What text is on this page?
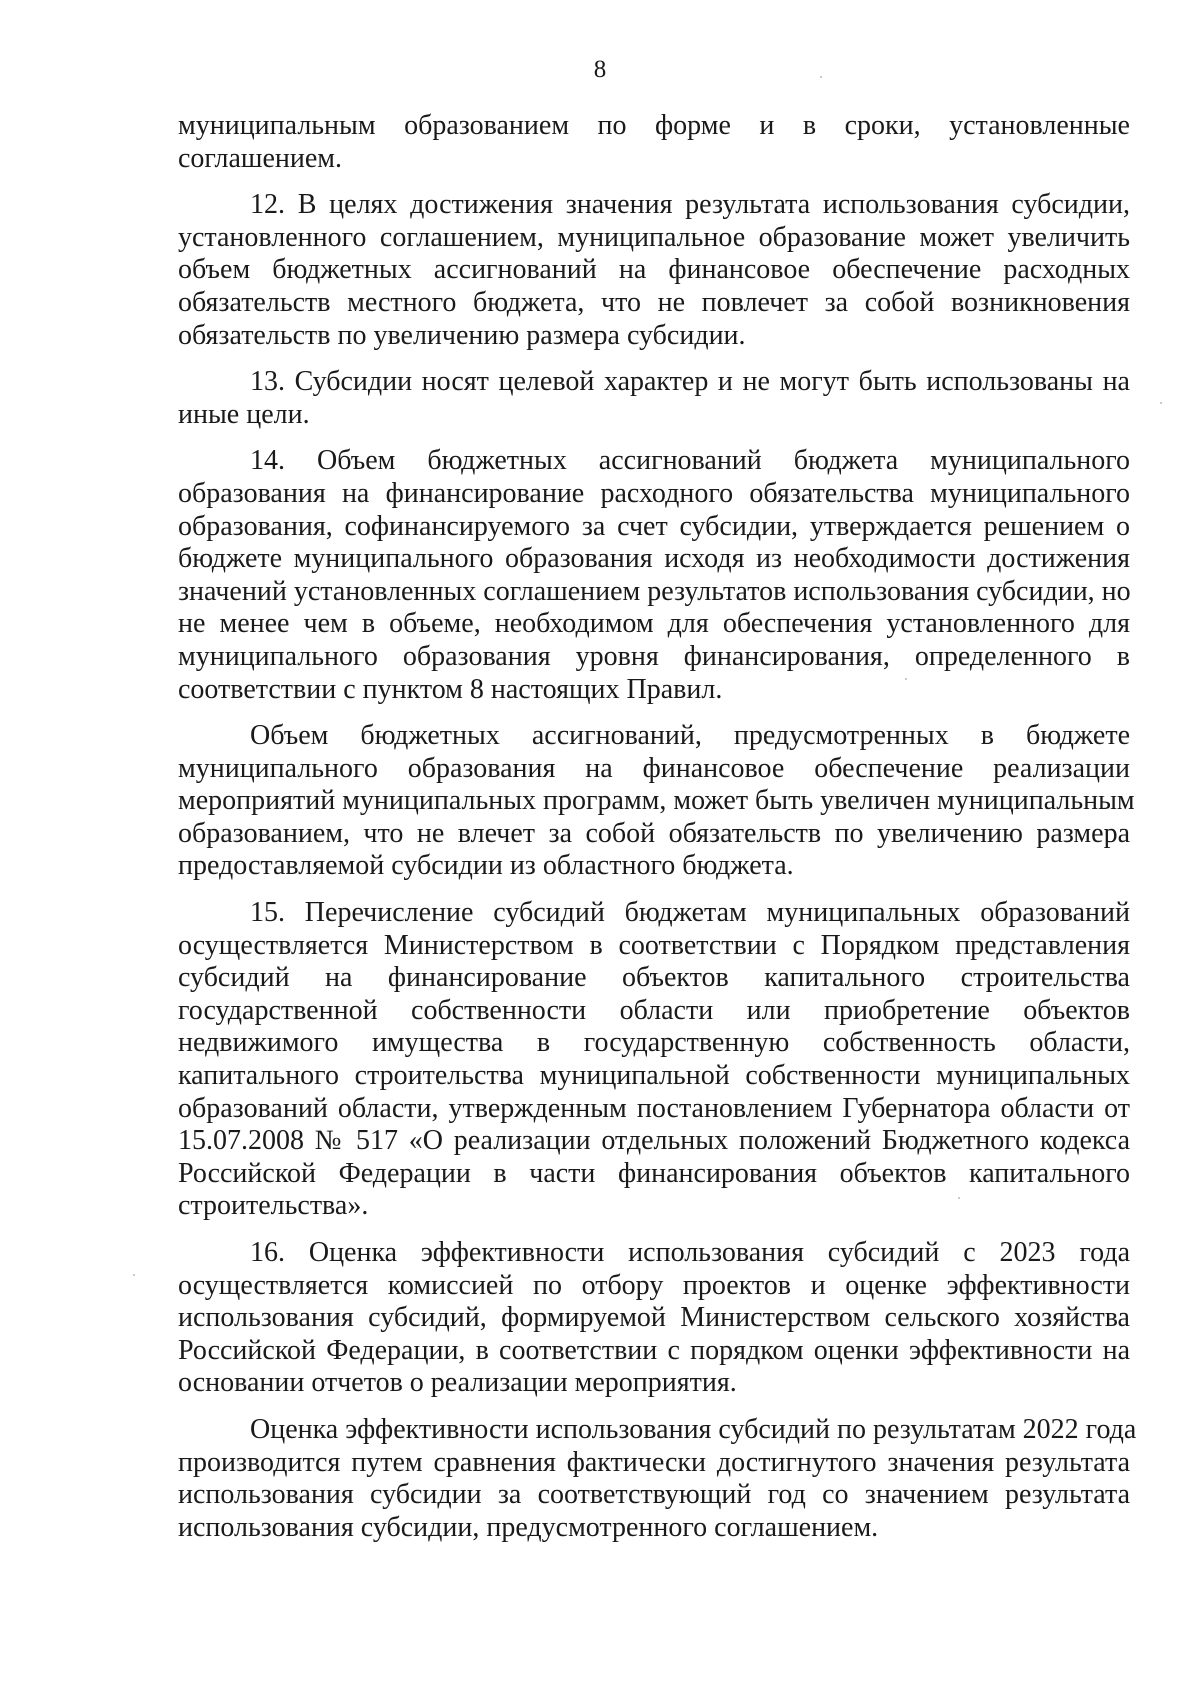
8
муниципальным образованием по форме и в сроки, установленные
соглашением.
12. В целях достижения значения результата использования субсидии,
установленного соглашением, муниципальное образование может увеличить
объем бюджетных ассигнований на финансовое обеспечение расходных
обязательств местного бюджета, что не повлечет за собой возникновения
обязательств по увеличению размера субсидии.
13. Субсидии носят целевой характер и не могут быть использованы на
иные цели.
14. Объем бюджетных ассигнований бюджета муниципального
образования на финансирование расходного обязательства муниципального
образования, софинансируемого за счет субсидии, утверждается решением о
бюджете муниципального образования исходя из необходимости достижения
значений установленных соглашением результатов использования субсидии, но
не менее чем в объеме, необходимом для обеспечения установленного для
муниципального образования уровня финансирования, определенного в
соответствии с пунктом 8 настоящих Правил.
Объем бюджетных ассигнований, предусмотренных в бюджете
муниципального образования на финансовое обеспечение реализации
мероприятий муниципальных программ, может быть увеличен муниципальным
образованием, что не влечет за собой обязательств по увеличению размера
предоставляемой субсидии из областного бюджета.
15. Перечисление субсидий бюджетам муниципальных образований
осуществляется Министерством в соответствии с Порядком представления
субсидий на финансирование объектов капитального строительства
государственной собственности области или приобретение объектов
недвижимого имущества в государственную собственность области,
капитального строительства муниципальной собственности муниципальных
образований области, утвержденным постановлением Губернатора области от
15.07.2008 № 517 «О реализации отдельных положений Бюджетного кодекса
Российской Федерации в части финансирования объектов капитального
строительства».
16. Оценка эффективности использования субсидий с 2023 года
осуществляется комиссией по отбору проектов и оценке эффективности
использования субсидий, формируемой Министерством сельского хозяйства
Российской Федерации, в соответствии с порядком оценки эффективности на
основании отчетов о реализации мероприятия.
Оценка эффективности использования субсидий по результатам 2022 года
производится путем сравнения фактически достигнутого значения результата
использования субсидии за соответствующий год со значением результата
использования субсидии, предусмотренного соглашением.
